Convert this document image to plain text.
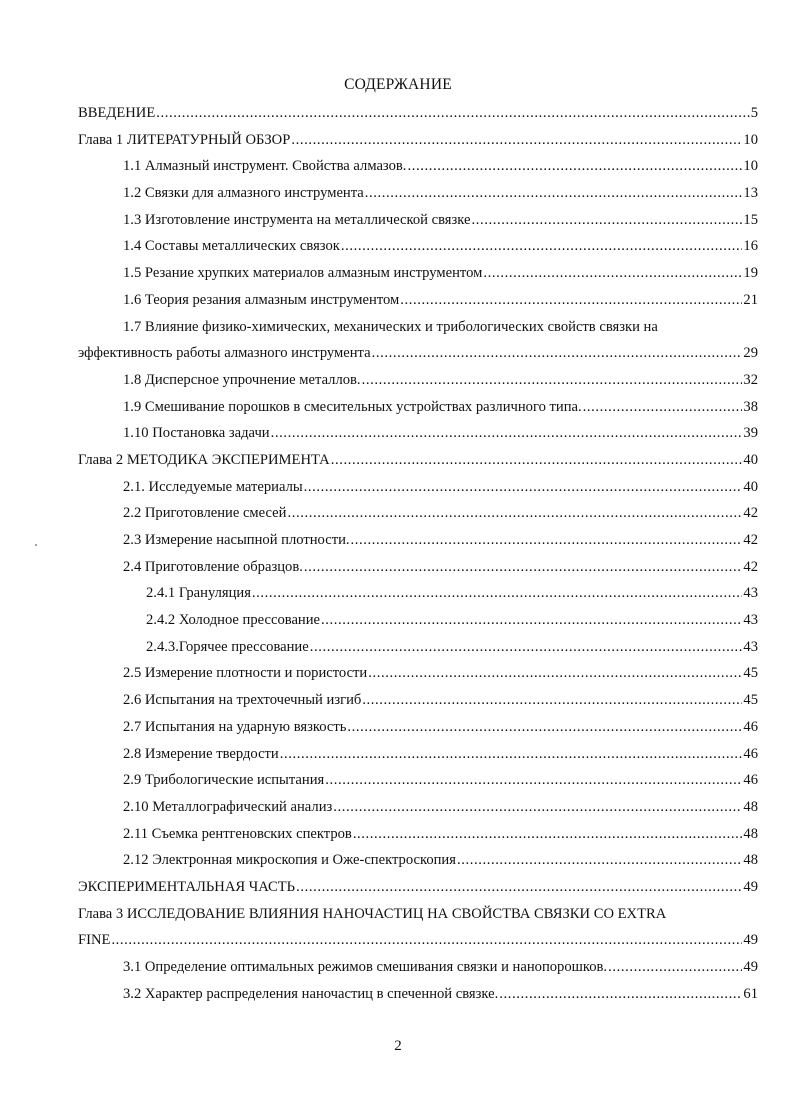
СОДЕРЖАНИЕ
ВВЕДЕНИЕ .....	5
Глава 1 ЛИТЕРАТУРНЫЙ ОБЗОР .....	10
1.1 Алмазный инструмент. Свойства алмазов. .....	10
1.2 Связки для алмазного инструмента .....	13
1.3 Изготовление инструмента на металлической связке .....	15
1.4 Составы металлических связок .....	16
1.5 Резание хрупких материалов алмазным инструментом .....	19
1.6 Теория резания алмазным инструментом .....	21
1.7 Влияние физико-химических, механических и трибологических свойств связки на
эффективность работы алмазного инструмента .....	29
1.8 Дисперсное упрочнение металлов. .....	32
1.9 Смешивание порошков в смесительных устройствах различного типа. .....	38
1.10 Постановка задачи .....	39
Глава 2 МЕТОДИКА ЭКСПЕРИМЕНТА .....	40
2.1. Исследуемые материалы .....	40
2.2 Приготовление смесей .....	42
2.3 Измерение насыпной плотности. .....	42
2.4 Приготовление образцов. .....	42
2.4.1 Грануляция .....	43
2.4.2 Холодное прессование .....	43
2.4.3.Горячее прессование .....	43
2.5 Измерение плотности и пористости .....	45
2.6 Испытания на трехточечный изгиб .....	45
2.7 Испытания на ударную вязкость .....	46
2.8 Измерение твердости .....	46
2.9 Трибологические испытания .....	46
2.10 Металлографический анализ .....	48
2.11 Съемка рентгеновских спектров .....	48
2.12 Электронная микроскопия и Оже-спектроскопия .....	48
ЭКСПЕРИМЕНТАЛЬНАЯ ЧАСТЬ .....	49
Глава 3 ИССЛЕДОВАНИЕ ВЛИЯНИЯ НАНОЧАСТИЦ НА СВОЙСТВА СВЯЗКИ СО EXTRA
FINE .....	49
3.1 Определение оптимальных режимов смешивания связки и нанопорошков. .....	49
3.2 Характер распределения наночастиц в спеченной связке. .....	61
2
